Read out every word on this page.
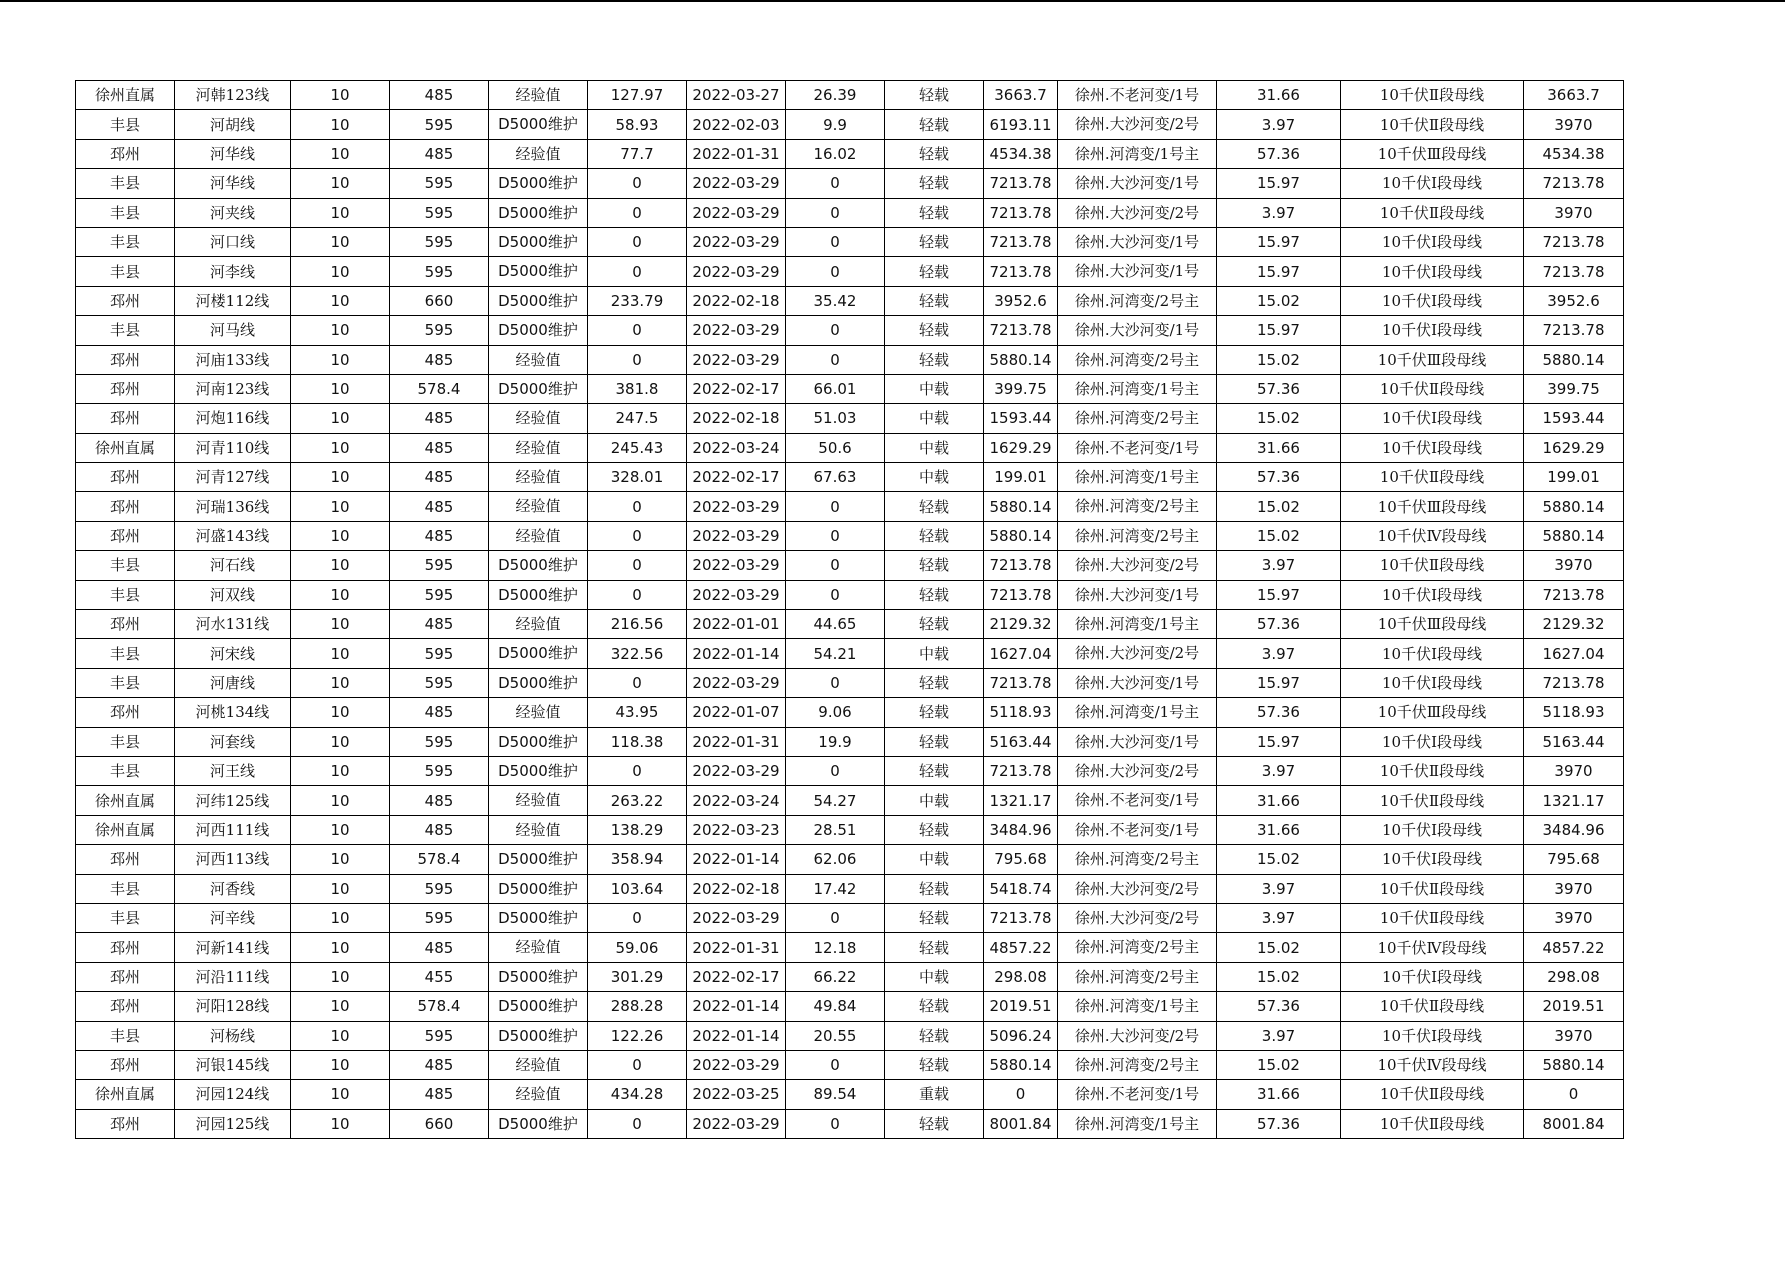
徐州直属	河韩123线	10	485	经验值	127.97	2022-03-27	26.39	轻载	3663.7	徐州.不老河变/1号	31.66	10千伏Ⅱ段母线	3663.7
丰县	河胡线	10	595	D5000维护	58.93	2022-02-03	9.9	轻载	6193.11	徐州.大沙河变/2号	3.97	10千伏Ⅱ段母线	3970
邳州	河华线	10	485	经验值	77.7	2022-01-31	16.02	轻载	4534.38	徐州.河湾变/1号主	57.36	10千伏Ⅲ段母线	4534.38
丰县	河华线	10	595	D5000维护	0	2022-03-29	0	轻载	7213.78	徐州.大沙河变/1号	15.97	10千伏Ⅰ段母线	7213.78
丰县	河夹线	10	595	D5000维护	0	2022-03-29	0	轻载	7213.78	徐州.大沙河变/2号	3.97	10千伏Ⅱ段母线	3970
丰县	河口线	10	595	D5000维护	0	2022-03-29	0	轻载	7213.78	徐州.大沙河变/1号	15.97	10千伏Ⅰ段母线	7213.78
丰县	河李线	10	595	D5000维护	0	2022-03-29	0	轻载	7213.78	徐州.大沙河变/1号	15.97	10千伏Ⅰ段母线	7213.78
邳州	河楼112线	10	660	D5000维护	233.79	2022-02-18	35.42	轻载	3952.6	徐州.河湾变/2号主	15.02	10千伏Ⅰ段母线	3952.6
丰县	河马线	10	595	D5000维护	0	2022-03-29	0	轻载	7213.78	徐州.大沙河变/1号	15.97	10千伏Ⅰ段母线	7213.78
邳州	河庙133线	10	485	经验值	0	2022-03-29	0	轻载	5880.14	徐州.河湾变/2号主	15.02	10千伏Ⅲ段母线	5880.14
邳州	河南123线	10	578.4	D5000维护	381.8	2022-02-17	66.01	中载	399.75	徐州.河湾变/1号主	57.36	10千伏Ⅱ段母线	399.75
邳州	河炮116线	10	485	经验值	247.5	2022-02-18	51.03	中载	1593.44	徐州.河湾变/2号主	15.02	10千伏Ⅰ段母线	1593.44
徐州直属	河青110线	10	485	经验值	245.43	2022-03-24	50.6	中载	1629.29	徐州.不老河变/1号	31.66	10千伏Ⅰ段母线	1629.29
邳州	河青127线	10	485	经验值	328.01	2022-02-17	67.63	中载	199.01	徐州.河湾变/1号主	57.36	10千伏Ⅱ段母线	199.01
邳州	河瑞136线	10	485	经验值	0	2022-03-29	0	轻载	5880.14	徐州.河湾变/2号主	15.02	10千伏Ⅲ段母线	5880.14
邳州	河盛143线	10	485	经验值	0	2022-03-29	0	轻载	5880.14	徐州.河湾变/2号主	15.02	10千伏Ⅳ段母线	5880.14
丰县	河石线	10	595	D5000维护	0	2022-03-29	0	轻载	7213.78	徐州.大沙河变/2号	3.97	10千伏Ⅱ段母线	3970
丰县	河双线	10	595	D5000维护	0	2022-03-29	0	轻载	7213.78	徐州.大沙河变/1号	15.97	10千伏Ⅰ段母线	7213.78
邳州	河水131线	10	485	经验值	216.56	2022-01-01	44.65	轻载	2129.32	徐州.河湾变/1号主	57.36	10千伏Ⅲ段母线	2129.32
丰县	河宋线	10	595	D5000维护	322.56	2022-01-14	54.21	中载	1627.04	徐州.大沙河变/2号	3.97	10千伏Ⅰ段母线	1627.04
丰县	河唐线	10	595	D5000维护	0	2022-03-29	0	轻载	7213.78	徐州.大沙河变/1号	15.97	10千伏Ⅰ段母线	7213.78
邳州	河桃134线	10	485	经验值	43.95	2022-01-07	9.06	轻载	5118.93	徐州.河湾变/1号主	57.36	10千伏Ⅲ段母线	5118.93
丰县	河套线	10	595	D5000维护	118.38	2022-01-31	19.9	轻载	5163.44	徐州.大沙河变/1号	15.97	10千伏Ⅰ段母线	5163.44
丰县	河王线	10	595	D5000维护	0	2022-03-29	0	轻载	7213.78	徐州.大沙河变/2号	3.97	10千伏Ⅱ段母线	3970
徐州直属	河纬125线	10	485	经验值	263.22	2022-03-24	54.27	中载	1321.17	徐州.不老河变/1号	31.66	10千伏Ⅱ段母线	1321.17
徐州直属	河西111线	10	485	经验值	138.29	2022-03-23	28.51	轻载	3484.96	徐州.不老河变/1号	31.66	10千伏Ⅰ段母线	3484.96
邳州	河西113线	10	578.4	D5000维护	358.94	2022-01-14	62.06	中载	795.68	徐州.河湾变/2号主	15.02	10千伏Ⅰ段母线	795.68
丰县	河香线	10	595	D5000维护	103.64	2022-02-18	17.42	轻载	5418.74	徐州.大沙河变/2号	3.97	10千伏Ⅱ段母线	3970
丰县	河辛线	10	595	D5000维护	0	2022-03-29	0	轻载	7213.78	徐州.大沙河变/2号	3.97	10千伏Ⅱ段母线	3970
邳州	河新141线	10	485	经验值	59.06	2022-01-31	12.18	轻载	4857.22	徐州.河湾变/2号主	15.02	10千伏Ⅳ段母线	4857.22
邳州	河沿111线	10	455	D5000维护	301.29	2022-02-17	66.22	中载	298.08	徐州.河湾变/2号主	15.02	10千伏Ⅰ段母线	298.08
邳州	河阳128线	10	578.4	D5000维护	288.28	2022-01-14	49.84	轻载	2019.51	徐州.河湾变/1号主	57.36	10千伏Ⅱ段母线	2019.51
丰县	河杨线	10	595	D5000维护	122.26	2022-01-14	20.55	轻载	5096.24	徐州.大沙河变/2号	3.97	10千伏Ⅰ段母线	3970
邳州	河银145线	10	485	经验值	0	2022-03-29	0	轻载	5880.14	徐州.河湾变/2号主	15.02	10千伏Ⅳ段母线	5880.14
徐州直属	河园124线	10	485	经验值	434.28	2022-03-25	89.54	重载	0	徐州.不老河变/1号	31.66	10千伏Ⅱ段母线	0
邳州	河园125线	10	660	D5000维护	0	2022-03-29	0	轻载	8001.84	徐州.河湾变/1号主	57.36	10千伏Ⅱ段母线	8001.84
